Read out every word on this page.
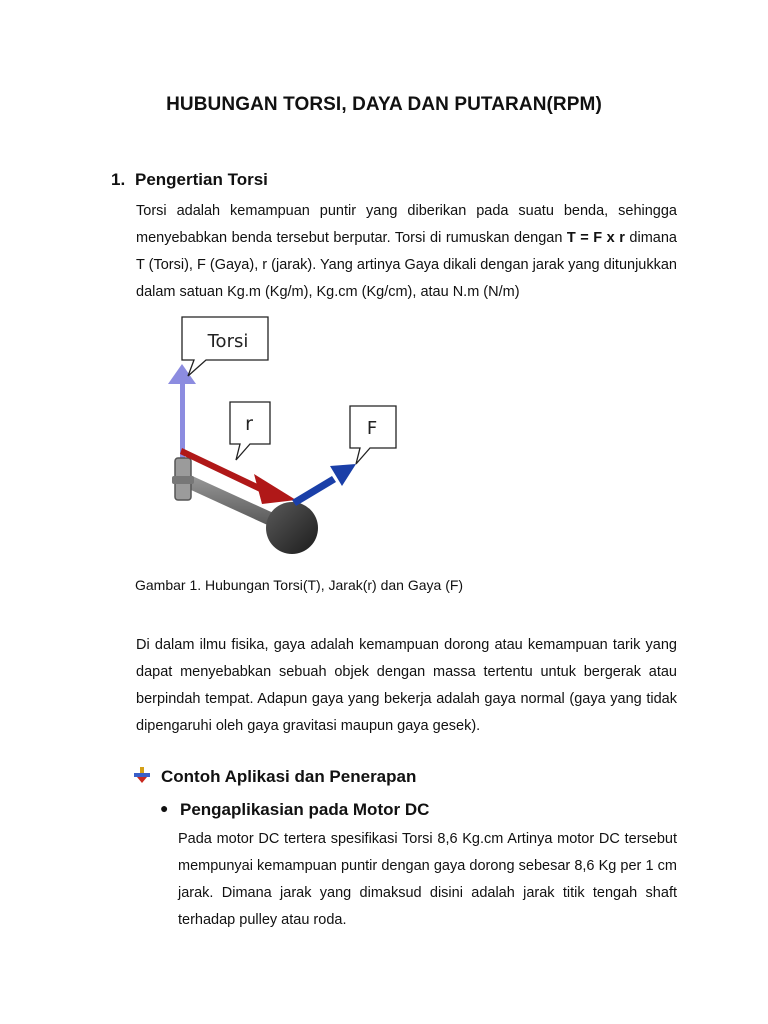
HUBUNGAN TORSI, DAYA DAN PUTARAN(RPM)
1. Pengertian Torsi
Torsi adalah kemampuan puntir yang diberikan pada suatu benda, sehingga menyebabkan benda tersebut berputar. Torsi di rumuskan dengan T = F x r dimana T (Torsi), F (Gaya), r (jarak). Yang artinya Gaya dikali dengan jarak yang ditunjukkan dalam satuan Kg.m (Kg/m), Kg.cm (Kg/cm), atau N.m (N/m)
Torsi
r	F
Gambar 1. Hubungan Torsi(T), Jarak(r) dan Gaya (F)
Di dalam ilmu fisika, gaya adalah kemampuan dorong atau kemampuan tarik yang dapat menyebabkan sebuah objek dengan massa tertentu untuk bergerak atau berpindah tempat. Adapun gaya yang bekerja adalah gaya normal (gaya yang tidak dipengaruhi oleh gaya gravitasi maupun gaya gesek).
Contoh Aplikasi dan Penerapan
● Pengaplikasian pada Motor DC
Pada motor DC tertera spesifikasi Torsi 8,6 Kg.cm Artinya motor DC tersebut mempunyai kemampuan puntir dengan gaya dorong sebesar 8,6 Kg per 1 cm jarak. Dimana jarak yang dimaksud disini adalah jarak titik tengah shaft terhadap pulley atau roda.
